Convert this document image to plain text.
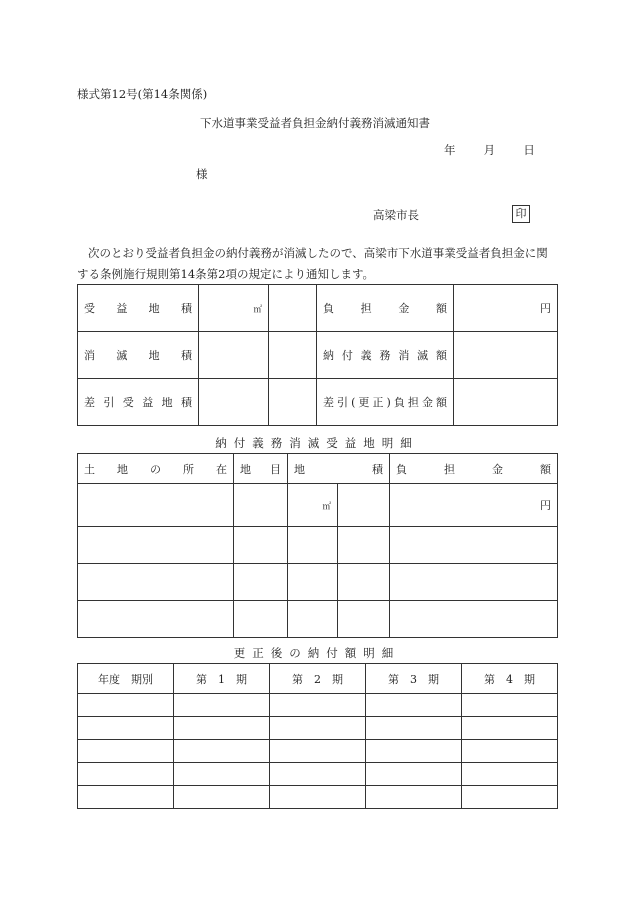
様式第12号(第14条関係)
下水道事業受益者負担金納付義務消滅通知書
年 月 日
様
高梁市長	印
次のとおり受益者負担金の納付義務が消滅したので、高梁市下水道事業受益者負担金に関する条例施行規則第14条第2項の規定により通知します。
受　益　地　積	㎡		負　担　金　額	円
消　滅　地　積			納付義務消滅額	
差引受益地積			差引(更正)負担金額	
納付義務消滅受益地明細
土地の所在	地目	地　　　積		負　担　金　額
		㎡		円

更正後の納付額明細
年度　期別	第　1　期	第　2　期	第　3　期	第　4　期
